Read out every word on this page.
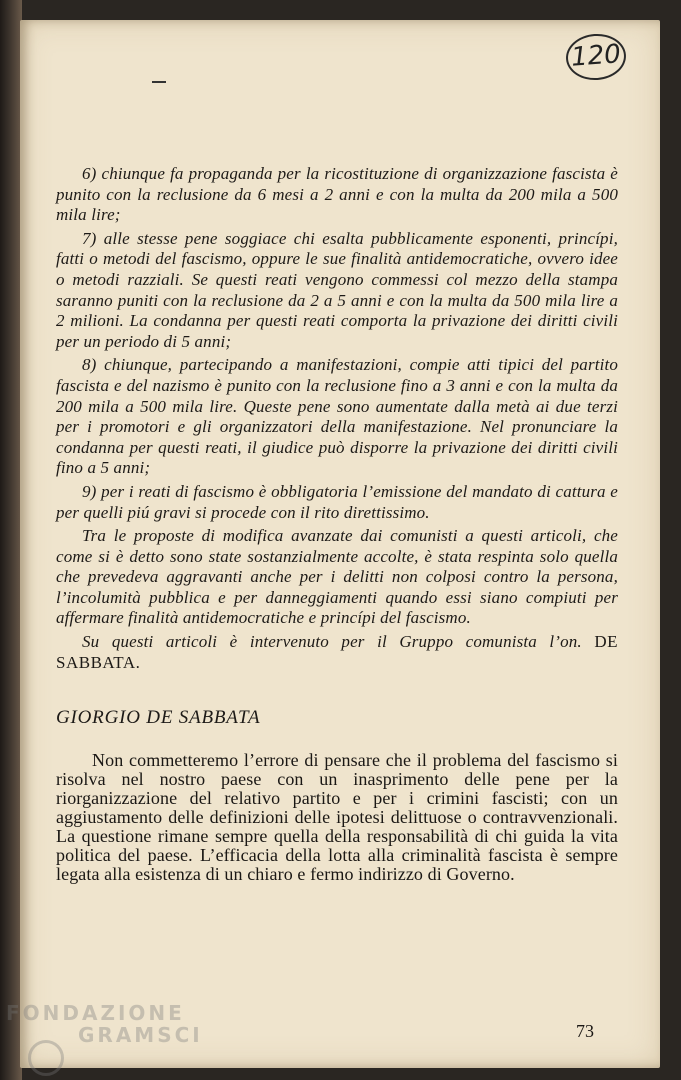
120

6) chiunque fa propaganda per la ricostituzione di organizzazione fascista è punito con la reclusione da 6 mesi a 2 anni e con la multa da 200 mila a 500 mila lire;

7) alle stesse pene soggiace chi esalta pubblicamente esponenti, princípi, fatti o metodi del fascismo, oppure le sue finalità antidemocratiche, ovvero idee o metodi razziali. Se questi reati vengono commessi col mezzo della stampa saranno puniti con la reclusione da 2 a 5 anni e con la multa da 500 mila lire a 2 milioni. La condanna per questi reati comporta la privazione dei diritti civili per un periodo di 5 anni;

8) chiunque, partecipando a manifestazioni, compie atti tipici del partito fascista e del nazismo è punito con la reclusione fino a 3 anni e con la multa da 200 mila a 500 mila lire. Queste pene sono aumentate dalla metà ai due terzi per i promotori e gli organizzatori della manifestazione. Nel pronunciare la condanna per questi reati, il giudice può disporre la privazione dei diritti civili fino a 5 anni;

9) per i reati di fascismo è obbligatoria l’emissione del mandato di cattura e per quelli piú gravi si procede con il rito direttissimo.

Tra le proposte di modifica avanzate dai comunisti a questi articoli, che come si è detto sono state sostanzialmente accolte, è stata respinta solo quella che prevedeva aggravanti anche per i delitti non colposi contro la persona, l’incolumità pubblica e per danneggiamenti quando essi siano compiuti per affermare finalità antidemocratiche e princípi del fascismo.

Su questi articoli è intervenuto per il Gruppo comunista l’on. DE SABBATA.

GIORGIO DE SABBATA

Non commetteremo l’errore di pensare che il problema del fascismo si risolva nel nostro paese con un inasprimento delle pene per la riorganizzazione del relativo partito e per i crimini fascisti; con un aggiustamento delle definizioni delle ipotesi delittuose o contravvenzionali. La questione rimane sempre quella della responsabilità di chi guida la vita politica del paese. L’efficacia della lotta alla criminalità fascista è sempre legata alla esistenza di un chiaro e fermo indirizzo di Governo.

73
FONDAZIONE
GRAMSCI
